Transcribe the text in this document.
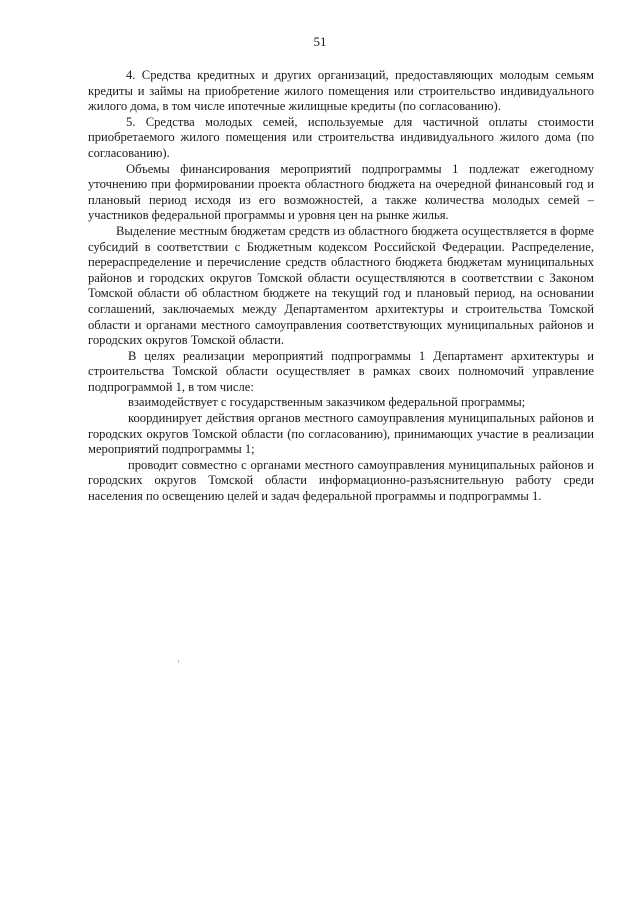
51

4. Средства кредитных и других организаций, предоставляющих молодым семьям кредиты и займы на приобретение жилого помещения или строительство индивидуального жилого дома, в том числе ипотечные жилищные кредиты (по согласованию).

5. Средства молодых семей, используемые для частичной оплаты стоимости приобретаемого жилого помещения или строительства индивидуального жилого дома (по согласованию).

Объемы финансирования мероприятий подпрограммы 1 подлежат ежегодному уточнению при формировании проекта областного бюджета на очередной финансовый год и плановый период исходя из его возможностей, а также количества молодых семей – участников федеральной программы и уровня цен на рынке жилья.

Выделение местным бюджетам средств из областного бюджета осуществляется в форме субсидий в соответствии с Бюджетным кодексом Российской Федерации. Распределение, перераспределение и перечисление средств областного бюджета бюджетам муниципальных районов и городских округов Томской области осуществляются в соответствии с Законом Томской области об областном бюджете на текущий год и плановый период, на основании соглашений, заключаемых между Департаментом архитектуры и строительства Томской области и органами местного самоуправления соответствующих муниципальных районов и городских округов Томской области.

В целях реализации мероприятий подпрограммы 1 Департамент архитектуры и строительства Томской области осуществляет в рамках своих полномочий управление подпрограммой 1, в том числе:

взаимодействует с государственным заказчиком федеральной программы;

координирует действия органов местного самоуправления муниципальных районов и городских округов Томской области (по согласованию), принимающих участие в реализации мероприятий подпрограммы 1;

проводит совместно с органами местного самоуправления муниципальных районов и городских округов Томской области информационно-разъяснительную работу среди населения по освещению целей и задач федеральной программы и подпрограммы 1.
